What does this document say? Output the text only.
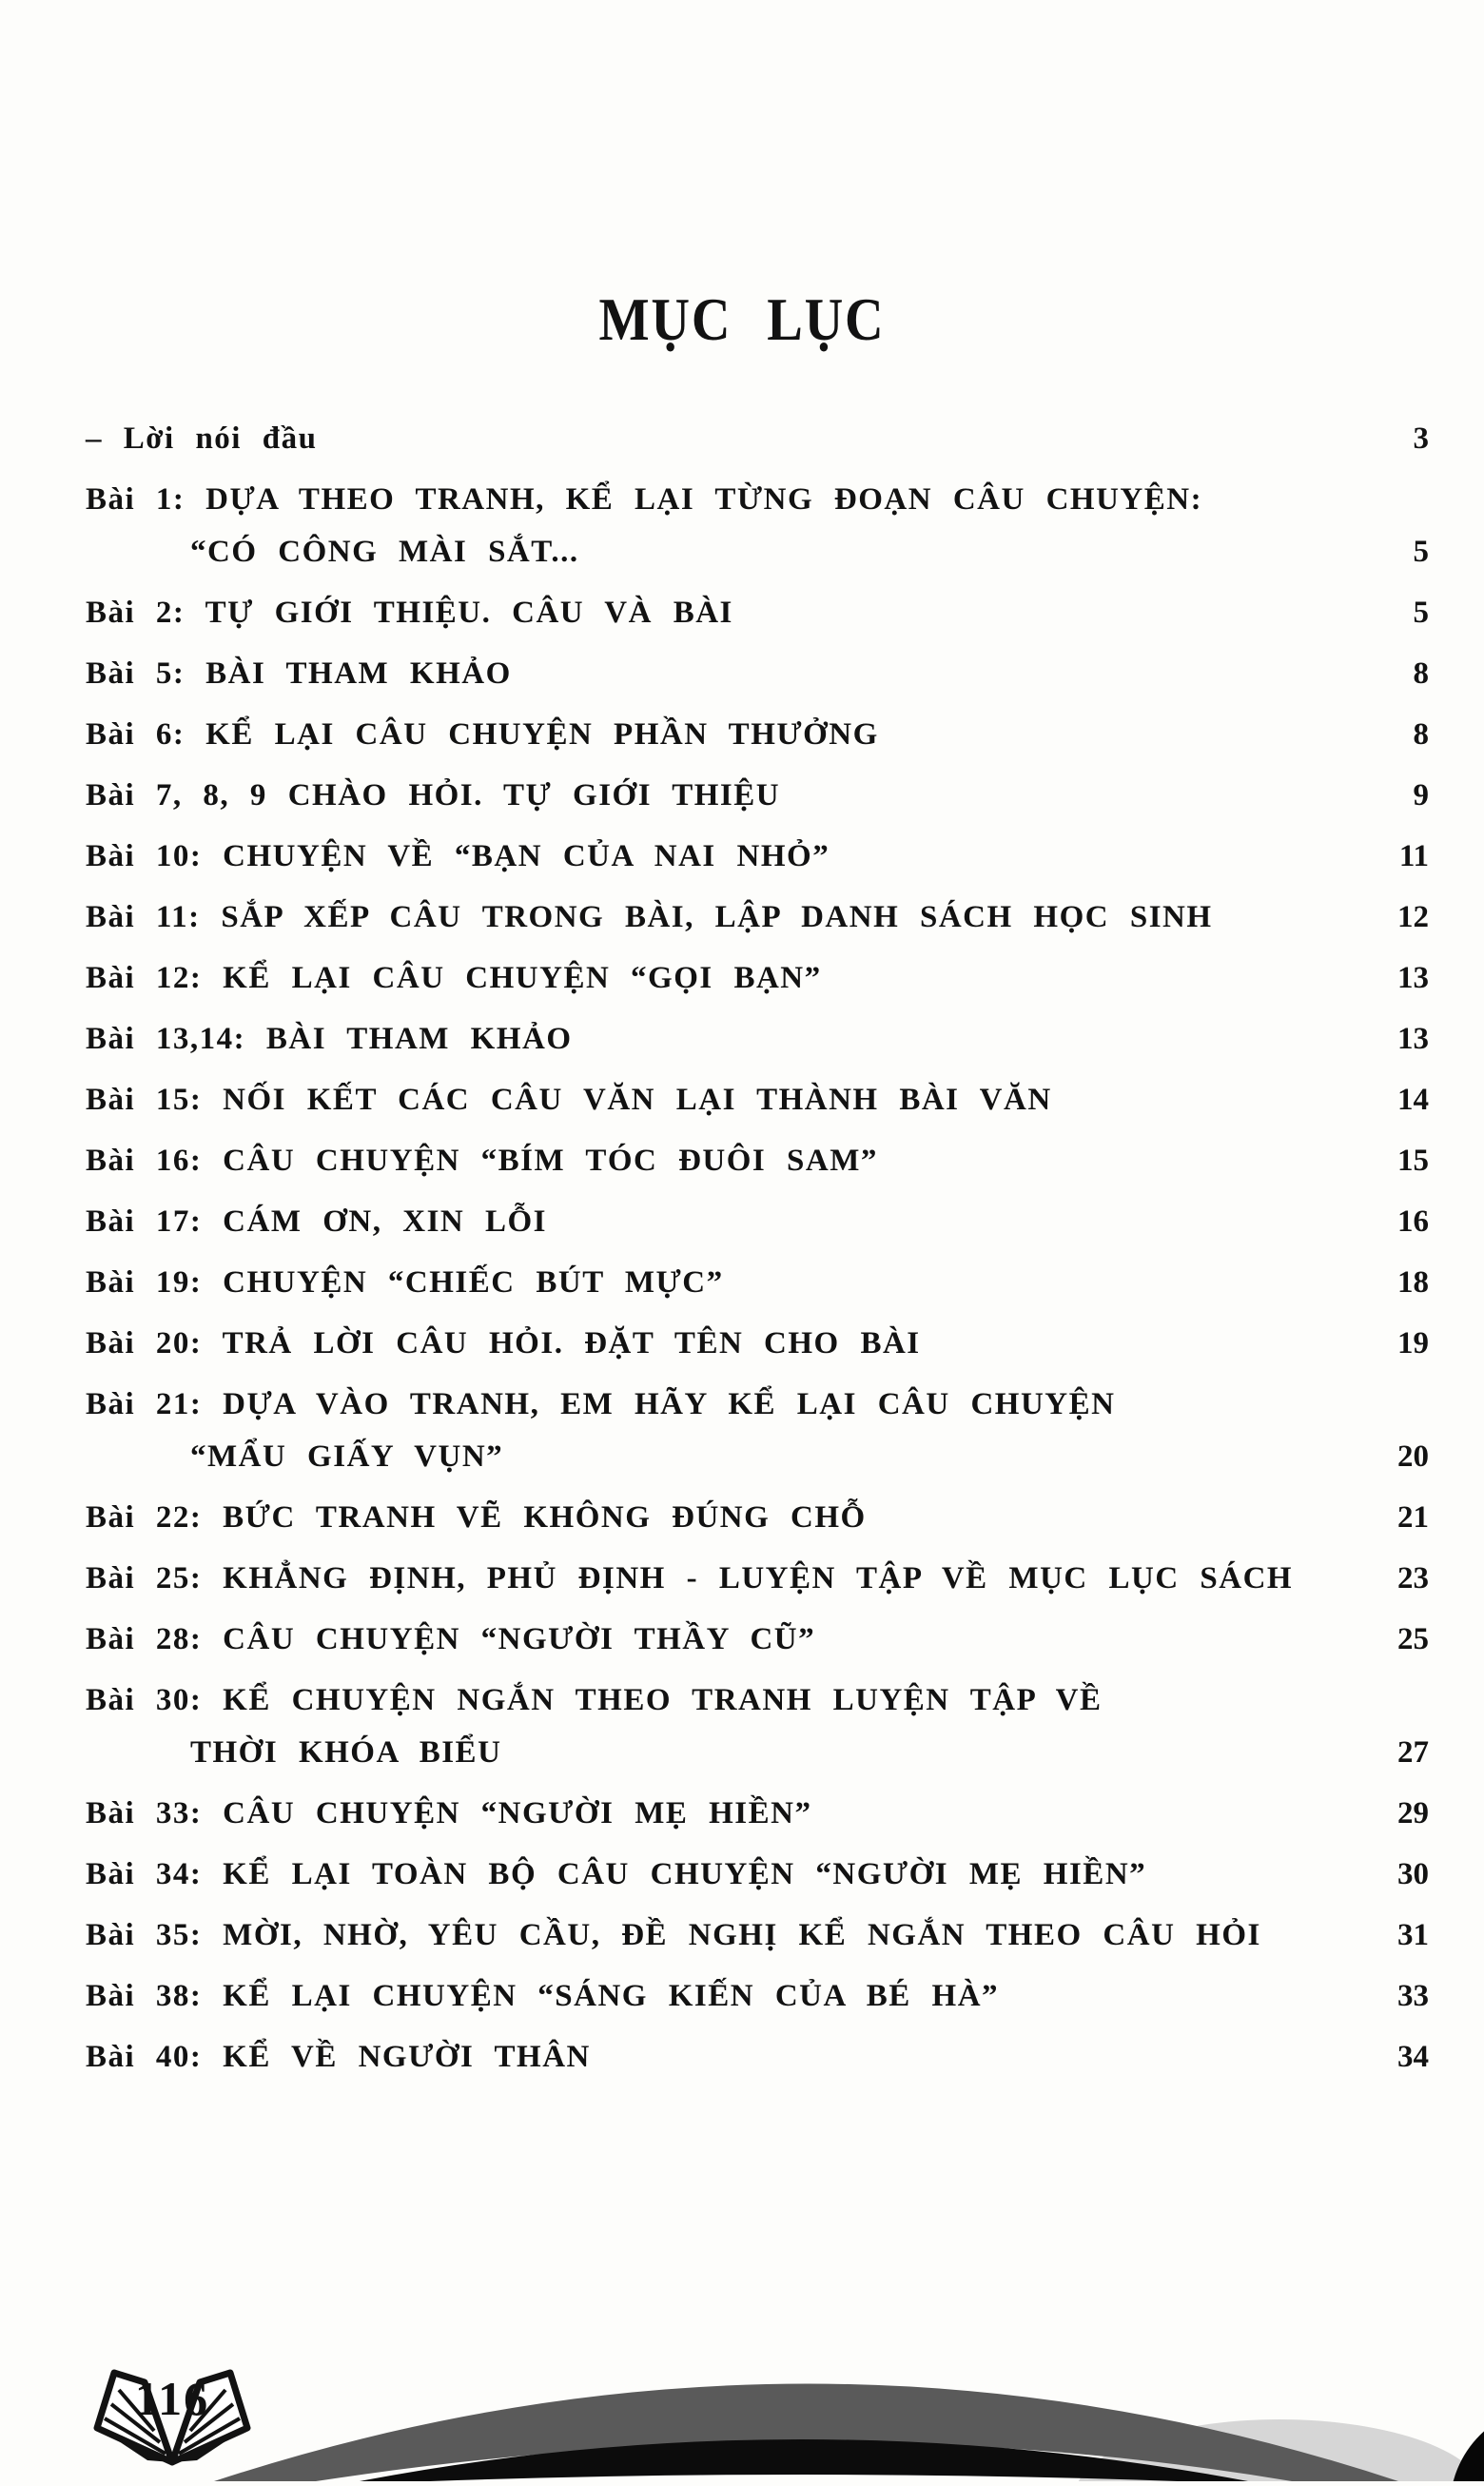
MỤC LỤC
– Lời nói đầu	3
Bài 1: DỰA THEO TRANH, KỂ LẠI TỪNG ĐOẠN CÂU CHUYỆN:
“CÓ CÔNG MÀI SẮT...	5
Bài 2: TỰ GIỚI THIỆU. CÂU VÀ BÀI	5
Bài 5: BÀI THAM KHẢO	8
Bài 6: KỂ LẠI CÂU CHUYỆN PHẦN THƯỞNG	8
Bài 7, 8, 9 CHÀO HỎI. TỰ GIỚI THIỆU	9
Bài 10: CHUYỆN VỀ “BẠN CỦA NAI NHỎ”	11
Bài 11: SẮP XẾP CÂU TRONG BÀI, LẬP DANH SÁCH HỌC SINH	12
Bài 12: KỂ LẠI CÂU CHUYỆN “GỌI BẠN”	13
Bài 13,14: BÀI THAM KHẢO	13
Bài 15: NỐI KẾT CÁC CÂU VĂN LẠI THÀNH BÀI VĂN	14
Bài 16: CÂU CHUYỆN “BÍM TÓC ĐUÔI SAM”	15
Bài 17: CÁM ƠN, XIN LỖI	16
Bài 19: CHUYỆN “CHIẾC BÚT MỰC”	18
Bài 20: TRẢ LỜI CÂU HỎI. ĐẶT TÊN CHO BÀI	19
Bài 21: DỰA VÀO TRANH, EM HÃY KỂ LẠI CÂU CHUYỆN
“MẨU GIẤY VỤN”	20
Bài 22: BỨC TRANH VẼ KHÔNG ĐÚNG CHỖ	21
Bài 25: KHẲNG ĐỊNH, PHỦ ĐỊNH - LUYỆN TẬP VỀ MỤC LỤC SÁCH	23
Bài 28: CÂU CHUYỆN “NGƯỜI THẦY CŨ”	25
Bài 30: KỂ CHUYỆN NGẮN THEO TRANH LUYỆN TẬP VỀ
THỜI KHÓA BIỂU	27
Bài 33: CÂU CHUYỆN “NGƯỜI MẸ HIỀN”	29
Bài 34: KỂ LẠI TOÀN BỘ CÂU CHUYỆN “NGƯỜI MẸ HIỀN”	30
Bài 35: MỜI, NHỜ, YÊU CẦU, ĐỀ NGHỊ KỂ NGẮN THEO CÂU HỎI	31
Bài 38: KỂ LẠI CHUYỆN “SÁNG KIẾN CỦA BÉ HÀ”	33
Bài 40: KỂ VỀ NGƯỜI THÂN	34
116
